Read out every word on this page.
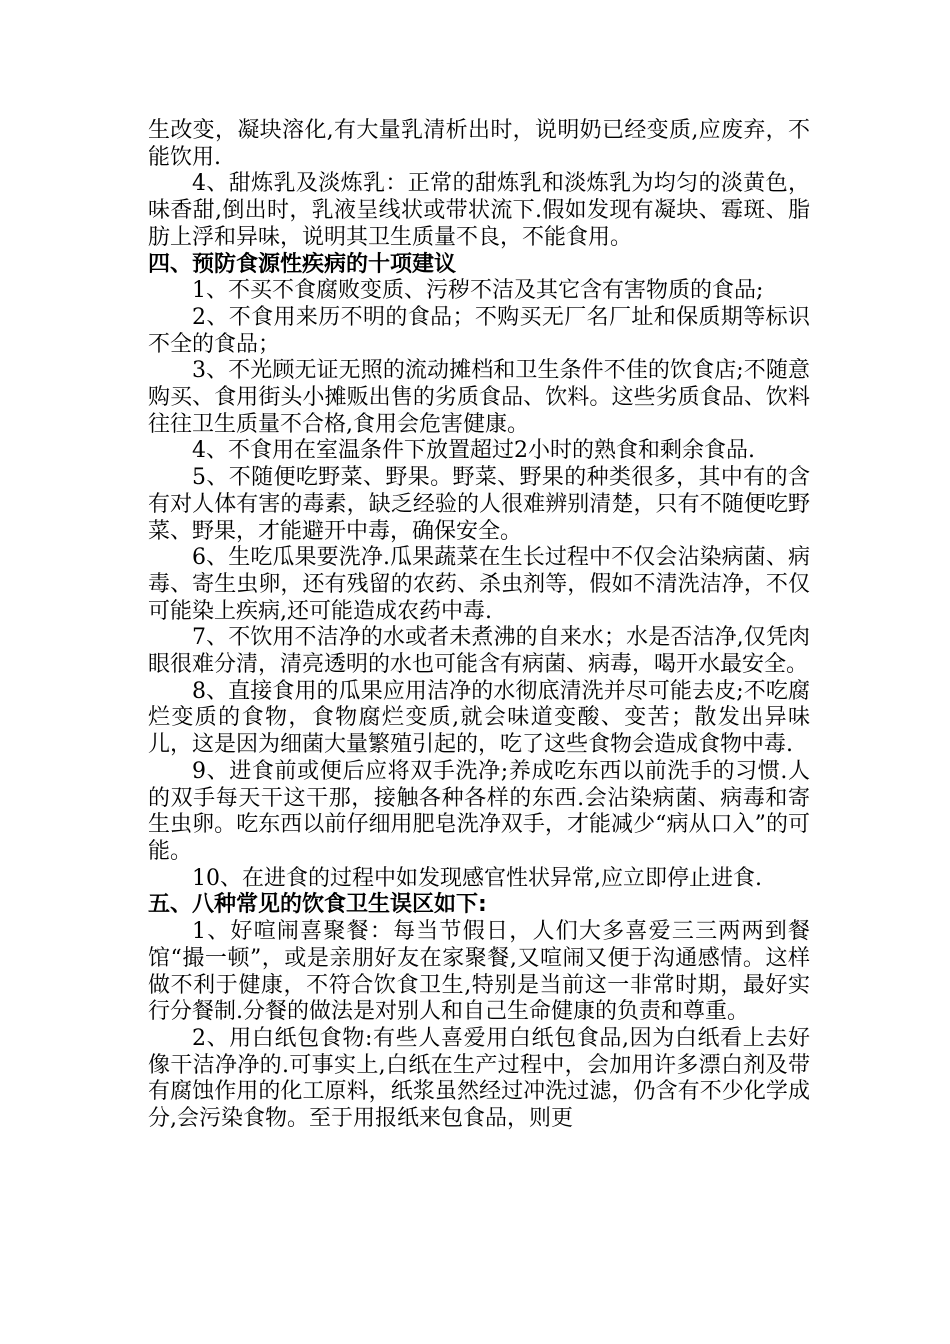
生改变，凝块溶化,有大量乳清析出时，说明奶已经变质,应废弃，不能饮用.

4、甜炼乳及淡炼乳：正常的甜炼乳和淡炼乳为均匀的淡黄色，味香甜,倒出时，乳液呈线状或带状流下.假如发现有凝块、霉斑、脂肪上浮和异味，说明其卫生质量不良，不能食用。

四、预防食源性疾病的十项建议

1、不买不食腐败变质、污秽不洁及其它含有害物质的食品;

2、不食用来历不明的食品；不购买无厂名厂址和保质期等标识不全的食品；

3、不光顾无证无照的流动摊档和卫生条件不佳的饮食店;不随意购买、食用街头小摊贩出售的劣质食品、饮料。这些劣质食品、饮料往往卫生质量不合格,食用会危害健康。

4、不食用在室温条件下放置超过2小时的熟食和剩余食品.

5、不随便吃野菜、野果。野菜、野果的种类很多，其中有的含有对人体有害的毒素，缺乏经验的人很难辨别清楚，只有不随便吃野菜、野果，才能避开中毒，确保安全。

6、生吃瓜果要洗净.瓜果蔬菜在生长过程中不仅会沾染病菌、病毒、寄生虫卵，还有残留的农药、杀虫剂等，假如不清洗洁净，不仅可能染上疾病,还可能造成农药中毒.

7、不饮用不洁净的水或者未煮沸的自来水；水是否洁净,仅凭肉眼很难分清，清亮透明的水也可能含有病菌、病毒，喝开水最安全。

8、直接食用的瓜果应用洁净的水彻底清洗并尽可能去皮;不吃腐烂变质的食物，食物腐烂变质,就会味道变酸、变苦；散发出异味儿，这是因为细菌大量繁殖引起的，吃了这些食物会造成食物中毒.

9、进食前或便后应将双手洗净;养成吃东西以前洗手的习惯.人的双手每天干这干那，接触各种各样的东西.会沾染病菌、病毒和寄生虫卵。吃东西以前仔细用肥皂洗净双手，才能减少“病从口入”的可能。

10、在进食的过程中如发现感官性状异常,应立即停止进食.

五、八种常见的饮食卫生误区如下:

1、好喧闹喜聚餐：每当节假日，人们大多喜爱三三两两到餐馆“撮一顿”，或是亲朋好友在家聚餐,又喧闹又便于沟通感情。这样做不利于健康，不符合饮食卫生,特别是当前这一非常时期，最好实行分餐制.分餐的做法是对别人和自己生命健康的负责和尊重。

2、用白纸包食物:有些人喜爱用白纸包食品,因为白纸看上去好像干洁净净的.可事实上,白纸在生产过程中，会加用许多漂白剂及带有腐蚀作用的化工原料，纸浆虽然经过冲洗过滤，仍含有不少化学成分,会污染食物。至于用报纸来包食品，则更
